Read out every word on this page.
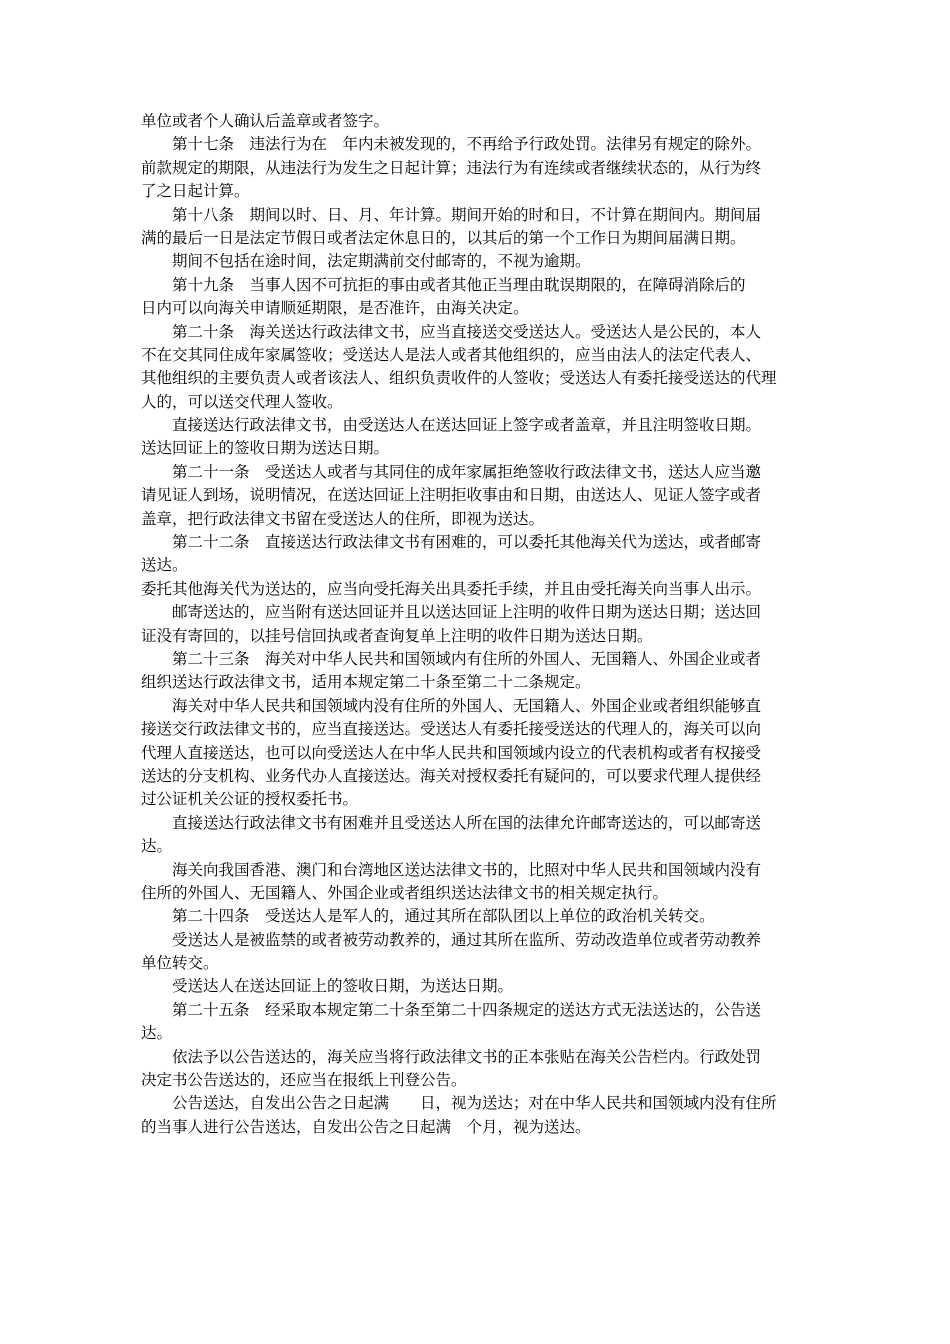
单位或者个人确认后盖章或者签字。
　　第十七条　违法行为在　年内未被发现的，不再给予行政处罚。法律另有规定的除外。
前款规定的期限，从违法行为发生之日起计算；违法行为有连续或者继续状态的，从行为终
了之日起计算。
　　第十八条　期间以时、日、月、年计算。期间开始的时和日，不计算在期间内。期间届
满的最后一日是法定节假日或者法定休息日的，以其后的第一个工作日为期间届满日期。
　　期间不包括在途时间，法定期满前交付邮寄的，不视为逾期。
　　第十九条　当事人因不可抗拒的事由或者其他正当理由耽误期限的，在障碍消除后的
日内可以向海关申请顺延期限，是否准许，由海关决定。
　　第二十条　海关送达行政法律文书，应当直接送交受送达人。受送达人是公民的，本人
不在交其同住成年家属签收；受送达人是法人或者其他组织的，应当由法人的法定代表人、
其他组织的主要负责人或者该法人、组织负责收件的人签收；受送达人有委托接受送达的代理
人的，可以送交代理人签收。
　　直接送达行政法律文书，由受送达人在送达回证上签字或者盖章，并且注明签收日期。
送达回证上的签收日期为送达日期。
　　第二十一条　受送达人或者与其同住的成年家属拒绝签收行政法律文书，送达人应当邀
请见证人到场，说明情况，在送达回证上注明拒收事由和日期，由送达人、见证人签字或者
盖章，把行政法律文书留在受送达人的住所，即视为送达。
　　第二十二条　直接送达行政法律文书有困难的，可以委托其他海关代为送达，或者邮寄
送达。
委托其他海关代为送达的，应当向受托海关出具委托手续，并且由受托海关向当事人出示。
　　邮寄送达的，应当附有送达回证并且以送达回证上注明的收件日期为送达日期；送达回
证没有寄回的，以挂号信回执或者查询复单上注明的收件日期为送达日期。
　　第二十三条　海关对中华人民共和国领域内有住所的外国人、无国籍人、外国企业或者
组织送达行政法律文书，适用本规定第二十条至第二十二条规定。
　　海关对中华人民共和国领域内没有住所的外国人、无国籍人、外国企业或者组织能够直
接送交行政法律文书的，应当直接送达。受送达人有委托接受送达的代理人的，海关可以向
代理人直接送达，也可以向受送达人在中华人民共和国领域内设立的代表机构或者有权接受
送达的分支机构、业务代办人直接送达。海关对授权委托有疑问的，可以要求代理人提供经
过公证机关公证的授权委托书。
　　直接送达行政法律文书有困难并且受送达人所在国的法律允许邮寄送达的，可以邮寄送
达。
　　海关向我国香港、澳门和台湾地区送达法律文书的，比照对中华人民共和国领域内没有
住所的外国人、无国籍人、外国企业或者组织送达法律文书的相关规定执行。
　　第二十四条　受送达人是军人的，通过其所在部队团以上单位的政治机关转交。
　　受送达人是被监禁的或者被劳动教养的，通过其所在监所、劳动改造单位或者劳动教养
单位转交。
　　受送达人在送达回证上的签收日期，为送达日期。
　　第二十五条　经采取本规定第二十条至第二十四条规定的送达方式无法送达的，公告送
达。
　　依法予以公告送达的，海关应当将行政法律文书的正本张贴在海关公告栏内。行政处罚
决定书公告送达的，还应当在报纸上刊登公告。
　　公告送达，自发出公告之日起满　　日，视为送达；对在中华人民共和国领域内没有住所
的当事人进行公告送达，自发出公告之日起满　个月，视为送达。
